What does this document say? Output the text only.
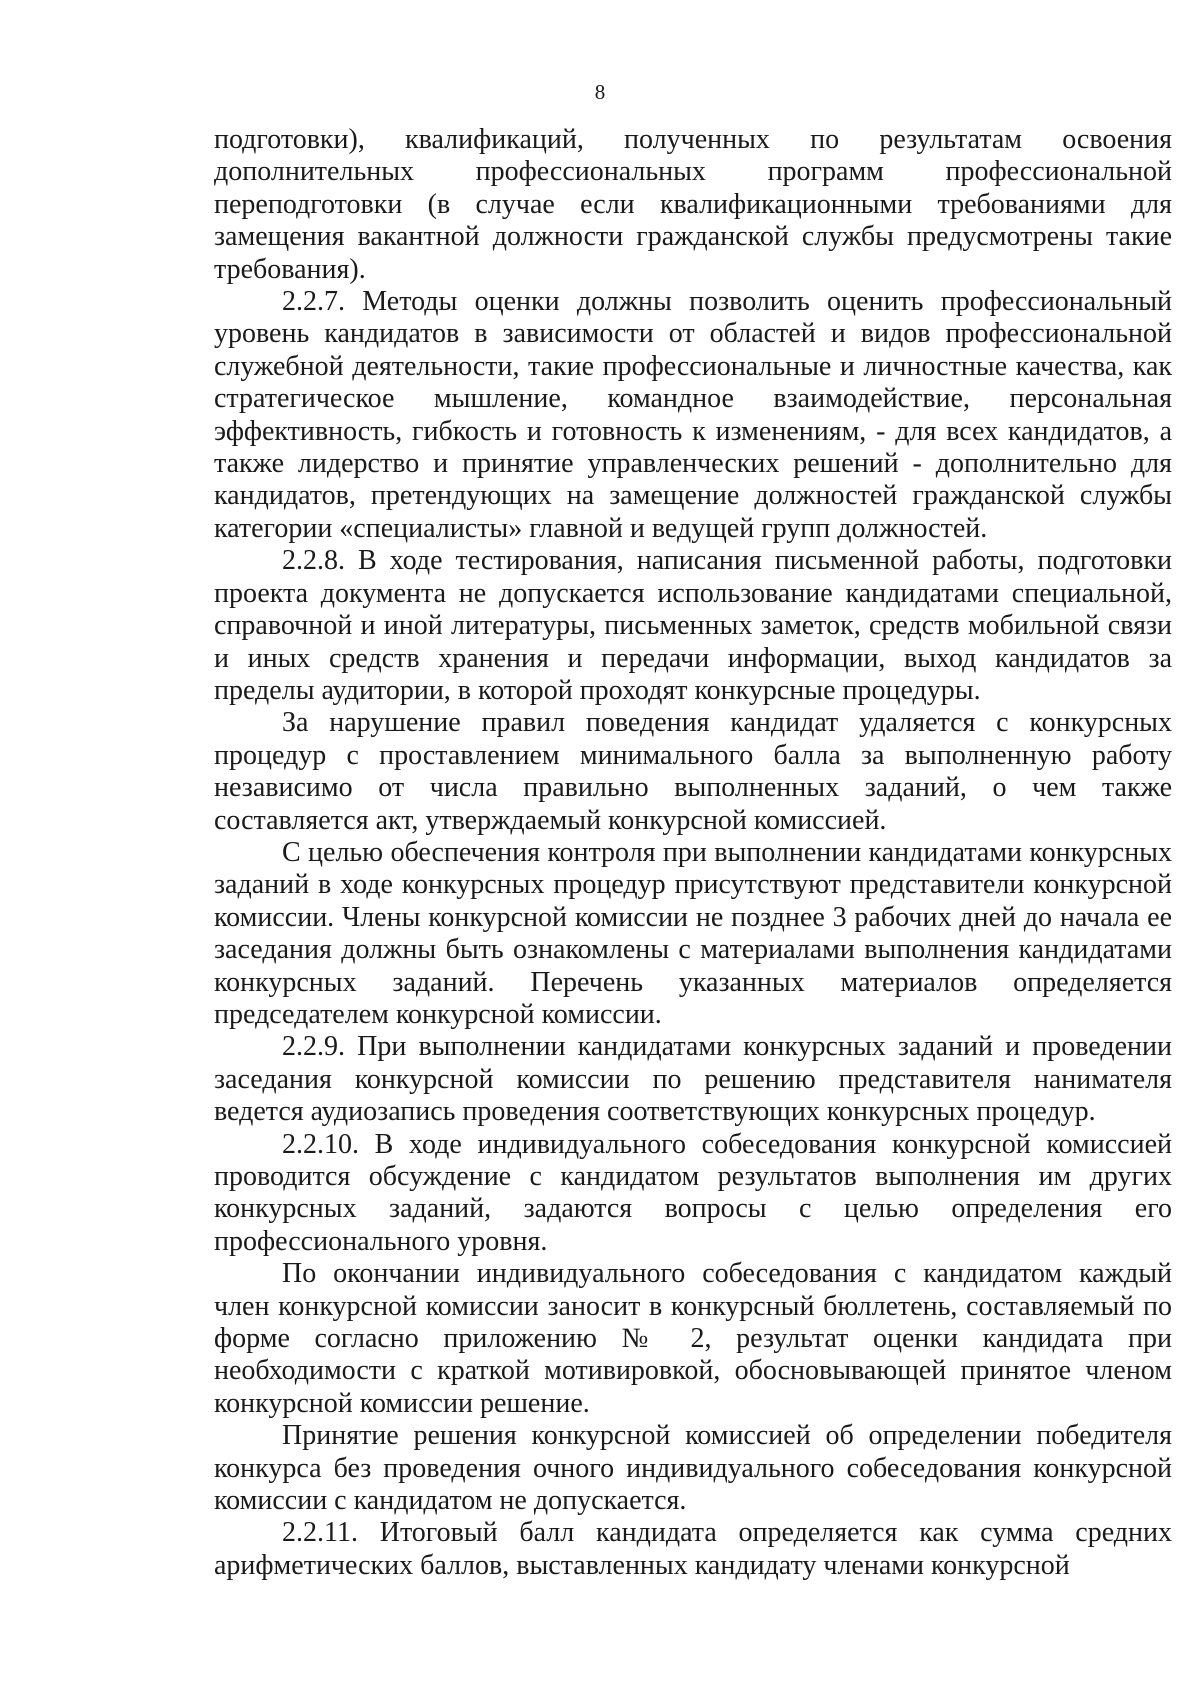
8

подготовки), квалификаций, полученных по результатам освоения дополнительных профессиональных программ профессиональной переподготовки (в случае если квалификационными требованиями для замещения вакантной должности гражданской службы предусмотрены такие требования).

2.2.7. Методы оценки должны позволить оценить профессиональный уровень кандидатов в зависимости от областей и видов профессиональной служебной деятельности, такие профессиональные и личностные качества, как стратегическое мышление, командное взаимодействие, персональная эффективность, гибкость и готовность к изменениям, - для всех кандидатов, а также лидерство и принятие управленческих решений - дополнительно для кандидатов, претендующих на замещение должностей гражданской службы категории «специалисты» главной и ведущей групп должностей.

2.2.8. В ходе тестирования, написания письменной работы, подготовки проекта документа не допускается использование кандидатами специальной, справочной и иной литературы, письменных заметок, средств мобильной связи и иных средств хранения и передачи информации, выход кандидатов за пределы аудитории, в которой проходят конкурсные процедуры.

За нарушение правил поведения кандидат удаляется с конкурсных процедур с проставлением минимального балла за выполненную работу независимо от числа правильно выполненных заданий, о чем также составляется акт, утверждаемый конкурсной комиссией.

С целью обеспечения контроля при выполнении кандидатами конкурсных заданий в ходе конкурсных процедур присутствуют представители конкурсной комиссии. Члены конкурсной комиссии не позднее 3 рабочих дней до начала ее заседания должны быть ознакомлены с материалами выполнения кандидатами конкурсных заданий. Перечень указанных материалов определяется председателем конкурсной комиссии.

2.2.9. При выполнении кандидатами конкурсных заданий и проведении заседания конкурсной комиссии по решению представителя нанимателя ведется аудиозапись проведения соответствующих конкурсных процедур.

2.2.10. В ходе индивидуального собеседования конкурсной комиссией проводится обсуждение с кандидатом результатов выполнения им других конкурсных заданий, задаются вопросы с целью определения его профессионального уровня.

По окончании индивидуального собеседования с кандидатом каждый член конкурсной комиссии заносит в конкурсный бюллетень, составляемый по форме согласно приложению № 2, результат оценки кандидата при необходимости с краткой мотивировкой, обосновывающей принятое членом конкурсной комиссии решение.

Принятие решения конкурсной комиссией об определении победителя конкурса без проведения очного индивидуального собеседования конкурсной комиссии с кандидатом не допускается.

2.2.11. Итоговый балл кандидата определяется как сумма средних арифметических баллов, выставленных кандидату членами конкурсной
